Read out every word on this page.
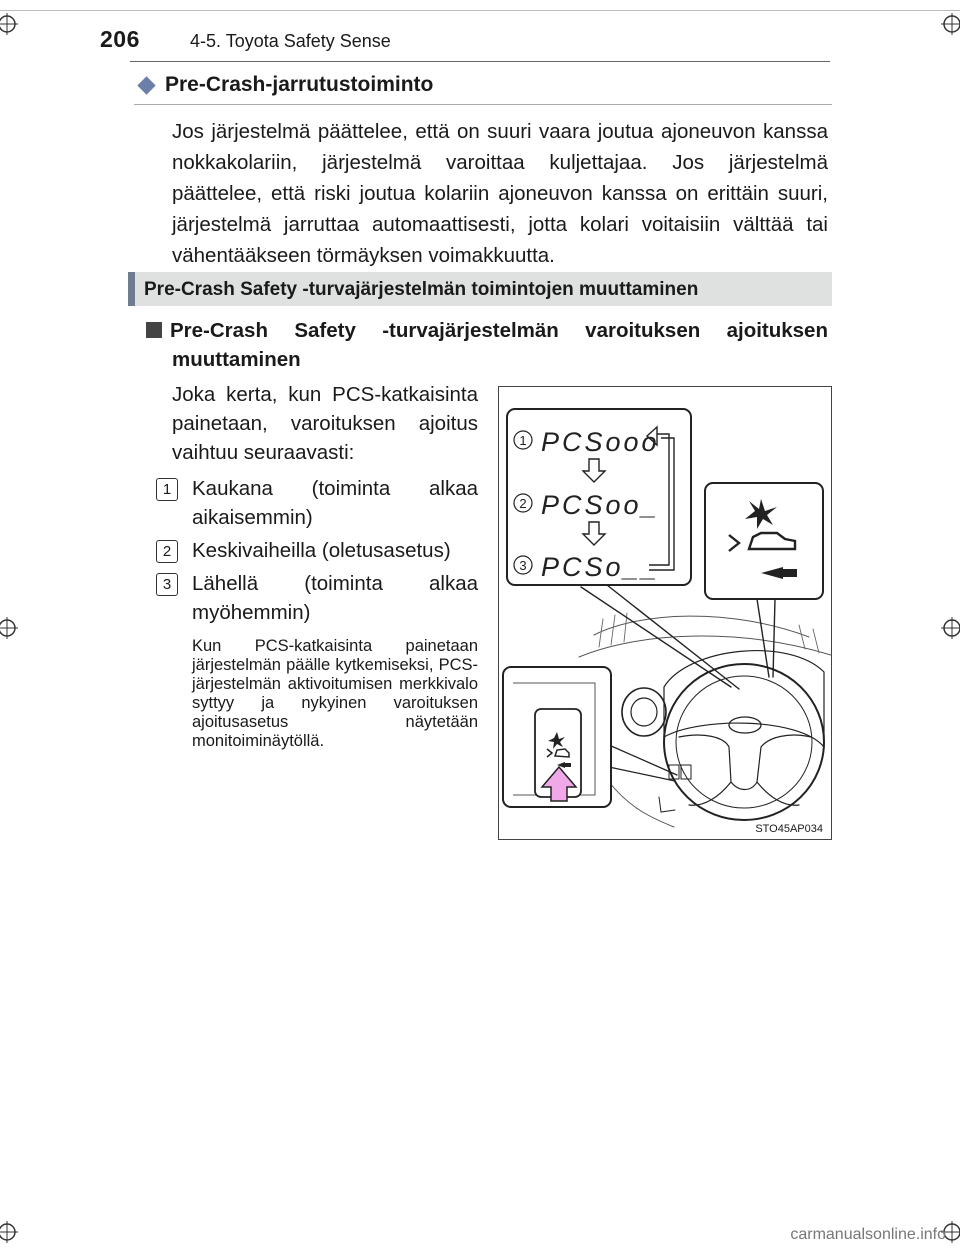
206	4-5. Toyota Safety Sense
Pre-Crash-jarrutustoiminto
Jos järjestelmä päättelee, että on suuri vaara joutua ajoneuvon kanssa nokkakolariin, järjestelmä varoittaa kuljettajaa. Jos järjestelmä päättelee, että riski joutua kolariin ajoneuvon kanssa on erittäin suuri, järjestelmä jarruttaa automaattisesti, jotta kolari voitaisiin välttää tai vähentääkseen törmäyksen voimakkuutta.
Pre-Crash Safety -turvajärjestelmän toimintojen muuttaminen
Pre-Crash Safety -turvajärjestelmän varoituksen ajoituksen
muuttaminen
Joka kerta, kun PCS-katkaisinta painetaan, varoituksen ajoitus vaihtuu seuraavasti:
1	Kaukana (toiminta alkaa aikaisemmin)
2	Keskivaiheilla (oletusasetus)
3	Lähellä (toiminta alkaa myöhemmin)
Kun PCS-katkaisinta painetaan järjestelmän päälle kytkemiseksi, PCS-järjestelmän aktivoitumisen merkkivalo syttyy ja nykyinen varoituksen ajoitusasetus näytetään monitoiminäytöllä.
1 PCSooo
2 PCSoo_
3 PCSo__
STO45AP034
carmanualsonline.info
